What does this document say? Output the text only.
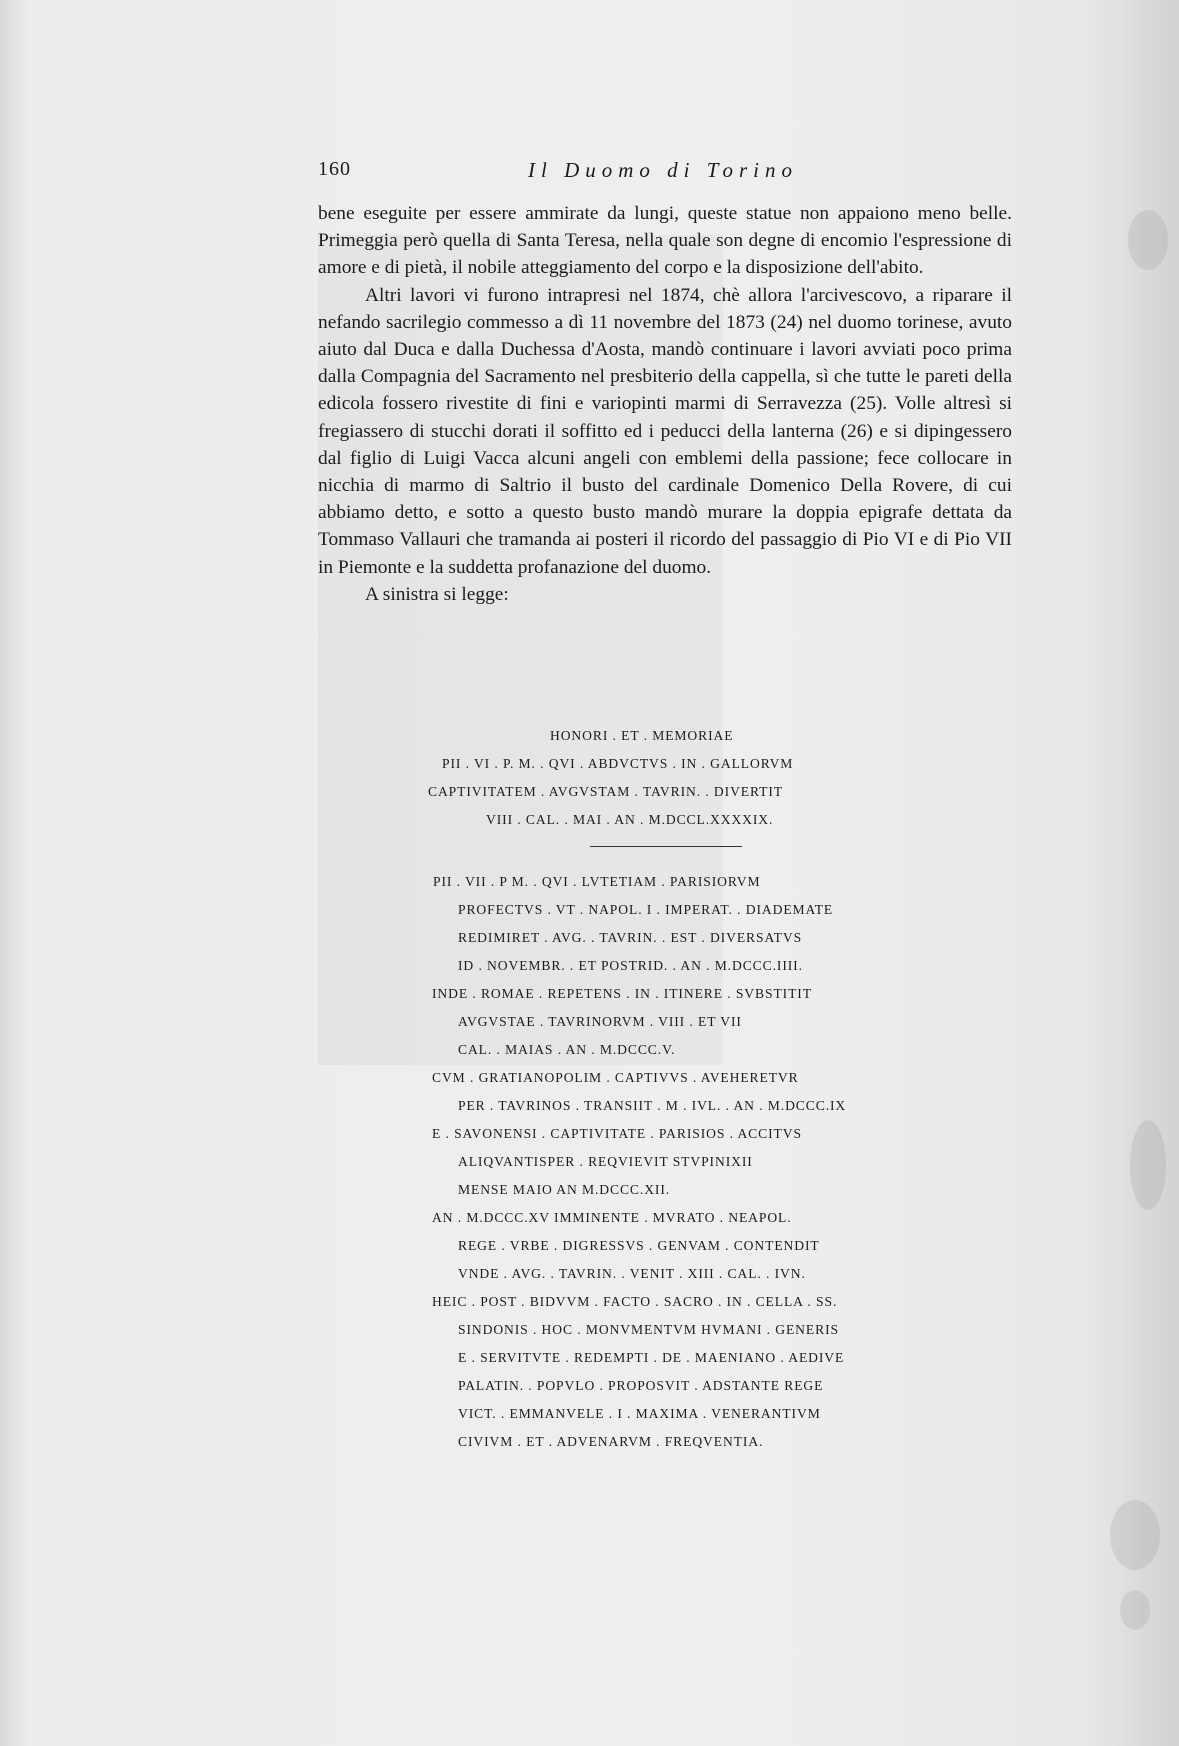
160	Il Duomo di Torino

bene eseguite per essere ammirate da lungi, queste statue non appaiono meno belle. Primeggia però quella di Santa Teresa, nella quale son degne di encomio l'espressione di amore e di pietà, il nobile atteggiamento del corpo e la disposizione dell'abito.

Altri lavori vi furono intrapresi nel 1874, chè allora l'arcivescovo, a riparare il nefando sacrilegio commesso a dì 11 novembre del 1873 (24) nel duomo torinese, avuto aiuto dal Duca e dalla Duchessa d'Aosta, mandò continuare i lavori avviati poco prima dalla Compagnia del Sacramento nel presbiterio della cappella, sì che tutte le pareti della edicola fossero rivestite di fini e variopinti marmi di Serravezza (25). Volle altresì si fregiassero di stucchi dorati il soffitto ed i peducci della lanterna (26) e si dipingessero dal figlio di Luigi Vacca alcuni angeli con emblemi della passione; fece collocare in nicchia di marmo di Saltrio il busto del cardinale Domenico Della Rovere, di cui abbiamo detto, e sotto a questo busto mandò murare la doppia epigrafe dettata da Tommaso Vallauri che tramanda ai posteri il ricordo del passaggio di Pio VI e di Pio VII in Piemonte e la suddetta profanazione del duomo.

A sinistra si legge:

HONORI . ET . MEMORIAE
PII . VI . P. M. . QVI . ABDVCTVS . IN . GALLORVM
CAPTIVITATEM . AVGVSTAM . TAVRIN. . DIVERTIT
VIII . CAL. . MAI . AN . M.DCCL.XXXXIX.
PII . VII . P M. . QVI . LVTETIAM . PARISIORVM
PROFECTVS . VT . NAPOL. I . IMPERAT. . DIADEMATE
REDIMIRET . AVG. . TAVRIN. . EST . DIVERSATVS
ID . NOVEMBR. . ET POSTRID. . AN . M.DCCC.IIII.
INDE . ROMAE . REPETENS . IN . ITINERE . SVBSTITIT
AVGVSTAE . TAVRINORVM . VIII . ET VII
CAL. . MAIAS . AN . M.DCCC.V.
CVM . GRATIANOPOLIM . CAPTIVVS . AVEHERETVR
PER . TAVRINOS . TRANSIIT . M . IVL. . AN . M.DCCC.IX
E . SAVONENSI . CAPTIVITATE . PARISIOS . ACCITVS
ALIQVANTISPER . REQVIEVIT STVPINIXII
MENSE MAIO AN M.DCCC.XII.
AN . M.DCCC.XV IMMINENTE . MVRATO . NEAPOL.
REGE . VRBE . DIGRESSVS . GENVAM . CONTENDIT
VNDE . AVG. . TAVRIN. . VENIT . XIII . CAL. . IVN.
HEIC . POST . BIDVVM . FACTO . SACRO . IN . CELLA . SS.
SINDONIS . HOC . MONVMENTVM HVMANI . GENERIS
E . SERVITVTE . REDEMPTI . DE . MAENIANO . AEDIVE
PALATIN. . POPVLO . PROPOSVIT . ADSTANTE REGE
VICT. . EMMANVELE . I . MAXIMA . VENERANTIVM
CIVIVM . ET . ADVENARVM . FREQVENTIA.
